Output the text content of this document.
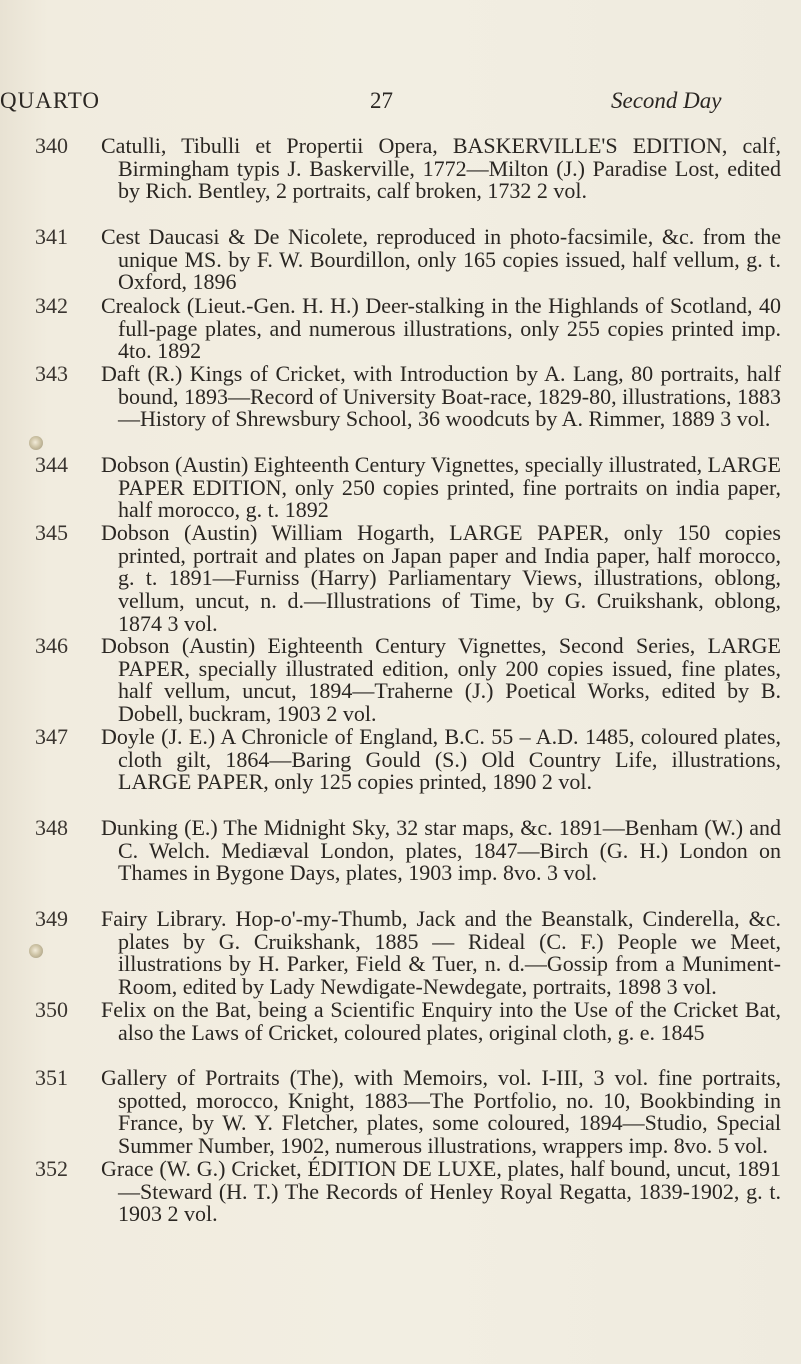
QUARTO	27	Second Day
340 Catulli, Tibulli et Propertii Opera, BASKERVILLE'S EDITION, calf, Birmingham typis J. Baskerville, 1772—Milton (J.) Paradise Lost, edited by Rich. Bentley, 2 portraits, calf broken, 1732 2 vol.
341 Cest Daucasi & De Nicolete, reproduced in photo-facsimile, &c. from the unique MS. by F. W. Bourdillon, only 165 copies issued, half vellum, g. t. Oxford, 1896
342 Crealock (Lieut.-Gen. H. H.) Deer-stalking in the Highlands of Scotland, 40 full-page plates, and numerous illustrations, only 255 copies printed imp. 4to. 1892
343 Daft (R.) Kings of Cricket, with Introduction by A. Lang, 80 portraits, half bound, 1893—Record of University Boat-race, 1829-80, illustrations, 1883—History of Shrewsbury School, 36 woodcuts by A. Rimmer, 1889 3 vol.
344 Dobson (Austin) Eighteenth Century Vignettes, specially illustrated, LARGE PAPER EDITION, only 250 copies printed, fine portraits on india paper, half morocco, g. t. 1892
345 Dobson (Austin) William Hogarth, LARGE PAPER, only 150 copies printed, portrait and plates on Japan paper and India paper, half morocco, g. t. 1891—Furniss (Harry) Parliamentary Views, illustrations, oblong, vellum, uncut, n. d.—Illustrations of Time, by G. Cruikshank, oblong, 1874 3 vol.
346 Dobson (Austin) Eighteenth Century Vignettes, Second Series, LARGE PAPER, specially illustrated edition, only 200 copies issued, fine plates, half vellum, uncut, 1894—Traherne (J.) Poetical Works, edited by B. Dobell, buckram, 1903 2 vol.
347 Doyle (J. E.) A Chronicle of England, B.C. 55 – A.D. 1485, coloured plates, cloth gilt, 1864—Baring Gould (S.) Old Country Life, illustrations, LARGE PAPER, only 125 copies printed, 1890 2 vol.
348 Dunking (E.) The Midnight Sky, 32 star maps, &c. 1891—Benham (W.) and C. Welch. Mediæval London, plates, 1847—Birch (G. H.) London on Thames in Bygone Days, plates, 1903 imp. 8vo. 3 vol.
349 Fairy Library. Hop-o'-my-Thumb, Jack and the Beanstalk, Cinderella, &c. plates by G. Cruikshank, 1885 — Rideal (C. F.) People we Meet, illustrations by H. Parker, Field & Tuer, n. d.—Gossip from a Muniment-Room, edited by Lady Newdigate-Newdegate, portraits, 1898 3 vol.
350 Felix on the Bat, being a Scientific Enquiry into the Use of the Cricket Bat, also the Laws of Cricket, coloured plates, original cloth, g. e. 1845
351 Gallery of Portraits (The), with Memoirs, vol. I-III, 3 vol. fine portraits, spotted, morocco, Knight, 1883—The Portfolio, no. 10, Bookbinding in France, by W. Y. Fletcher, plates, some coloured, 1894—Studio, Special Summer Number, 1902, numerous illustrations, wrappers imp. 8vo. 5 vol.
352 Grace (W. G.) Cricket, ÉDITION DE LUXE, plates, half bound, uncut, 1891—Steward (H. T.) The Records of Henley Royal Regatta, 1839-1902, g. t. 1903 2 vol.
